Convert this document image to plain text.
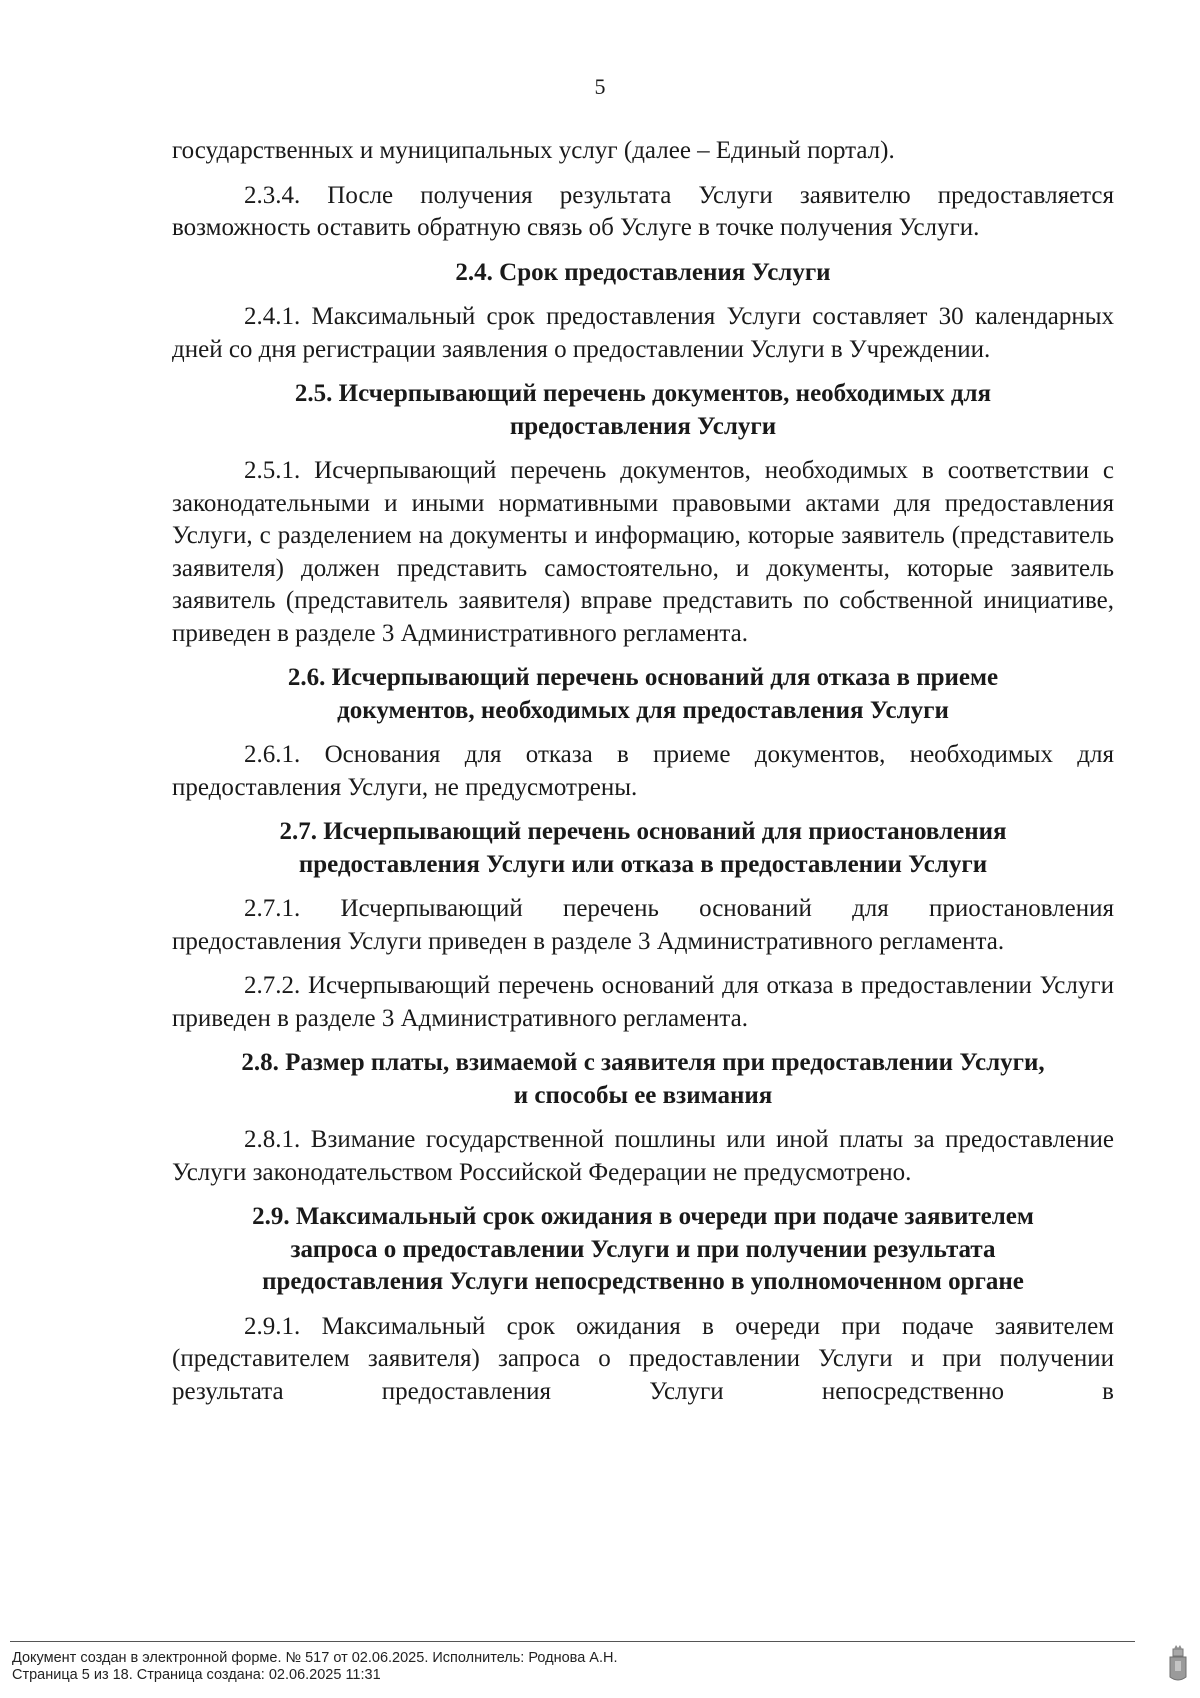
5

государственных и муниципальных услуг (далее – Единый портал).

2.3.4. После получения результата Услуги заявителю предоставляется возможность оставить обратную связь об Услуге в точке получения Услуги.

2.4. Срок предоставления Услуги

2.4.1. Максимальный срок предоставления Услуги составляет 30 календарных дней со дня регистрации заявления о предоставлении Услуги в Учреждении.

2.5. Исчерпывающий перечень документов, необходимых для
предоставления Услуги

2.5.1. Исчерпывающий перечень документов, необходимых в соответствии с законодательными и иными нормативными правовыми актами для предоставления Услуги, с разделением на документы и информацию, которые заявитель (представитель заявителя) должен представить самостоятельно, и документы, которые заявитель заявитель (представитель заявителя) вправе представить по собственной инициативе, приведен в разделе 3 Административного регламента.

2.6. Исчерпывающий перечень оснований для отказа в приеме
документов, необходимых для предоставления Услуги

2.6.1. Основания для отказа в приеме документов, необходимых для предоставления Услуги, не предусмотрены.

2.7. Исчерпывающий перечень оснований для приостановления
предоставления Услуги или отказа в предоставлении Услуги

2.7.1. Исчерпывающий перечень оснований для приостановления предоставления Услуги приведен в разделе 3 Административного регламента.

2.7.2. Исчерпывающий перечень оснований для отказа в предоставлении Услуги приведен в разделе 3 Административного регламента.

2.8. Размер платы, взимаемой с заявителя при предоставлении Услуги,
и способы ее взимания

2.8.1. Взимание государственной пошлины или иной платы за предоставление Услуги законодательством Российской Федерации не предусмотрено.

2.9. Максимальный срок ожидания в очереди при подаче заявителем
запроса о предоставлении Услуги и при получении результата
предоставления Услуги непосредственно в уполномоченном органе

2.9.1. Максимальный срок ожидания в очереди при подаче заявителем (представителем заявителя) запроса о предоставлении Услуги и при получении результата предоставления Услуги непосредственно в

Документ создан в электронной форме. № 517 от 02.06.2025. Исполнитель: Роднова А.Н.
Страница 5 из 18. Страница создана: 02.06.2025 11:31
